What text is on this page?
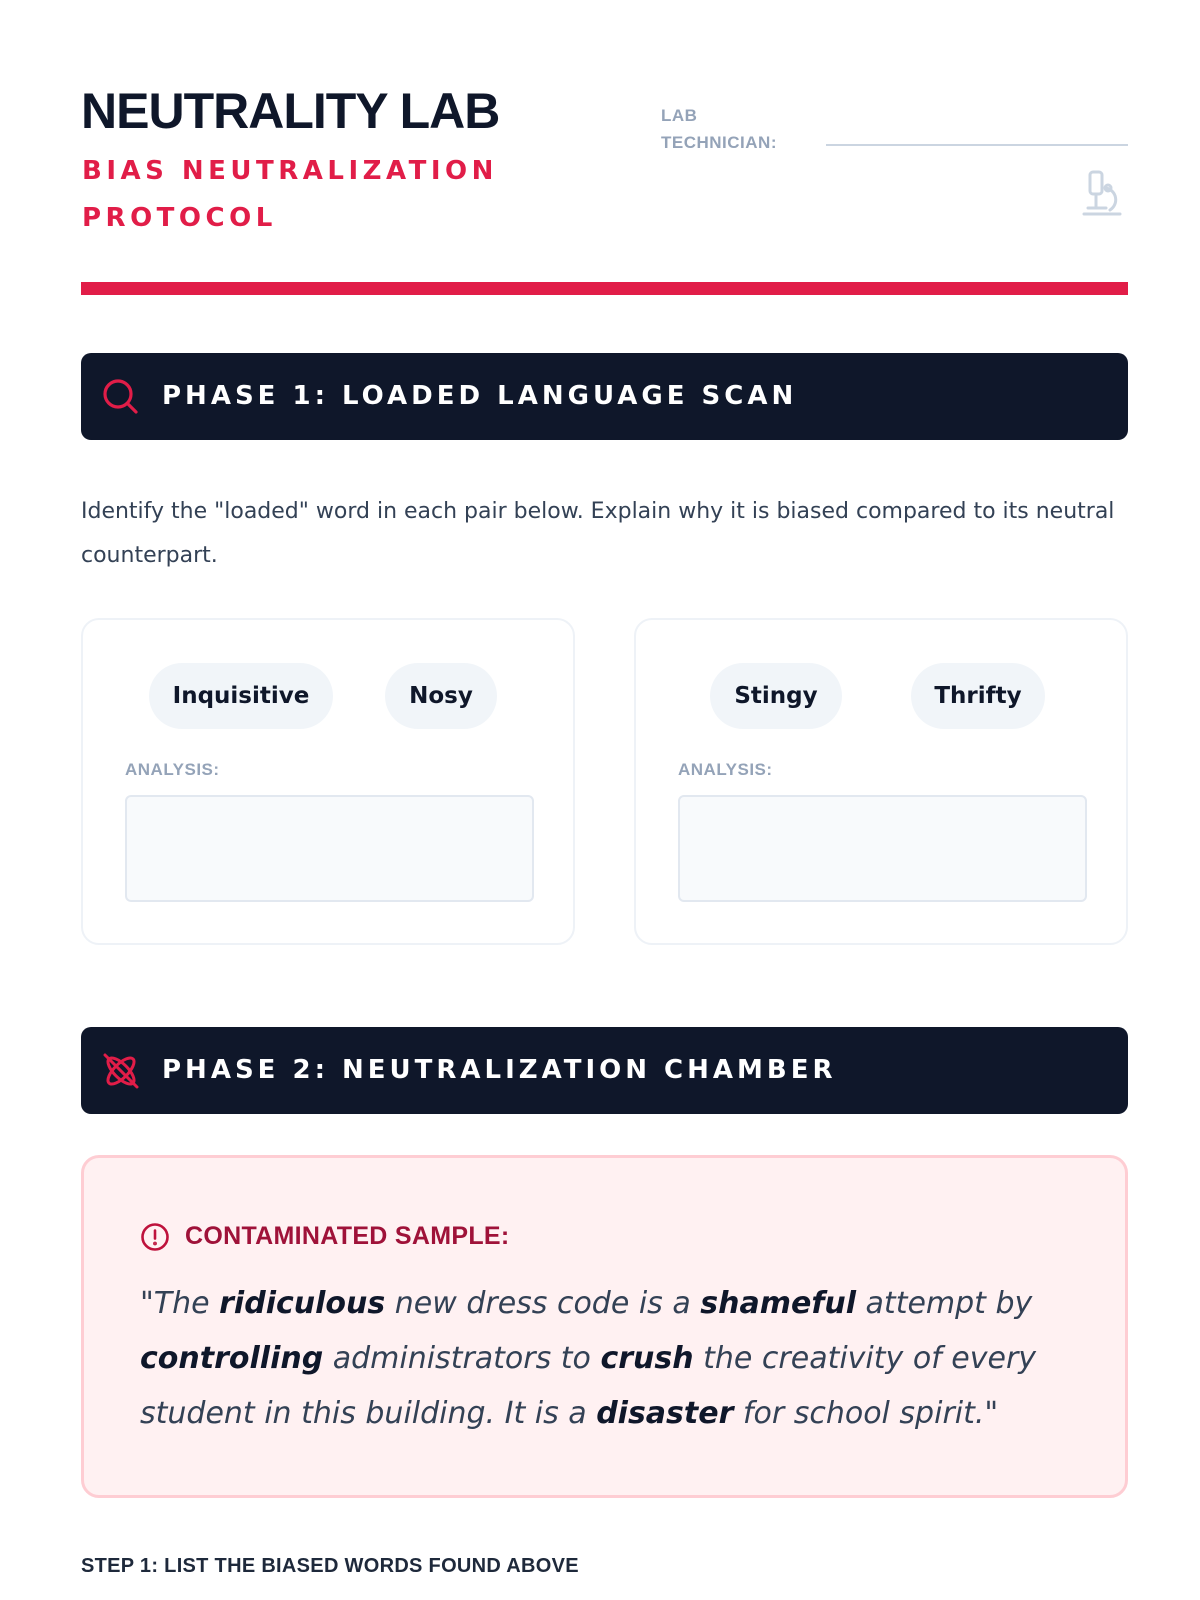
NEUTRALITY LAB
BIAS NEUTRALIZATION PROTOCOL
LAB TECHNICIAN:
PHASE 1: LOADED LANGUAGE SCAN
Identify the "loaded" word in each pair below. Explain why it is biased compared to its neutral counterpart.
Inquisitive	Nosy
ANALYSIS:
Stingy	Thrifty
ANALYSIS:
PHASE 2: NEUTRALIZATION CHAMBER
CONTAMINATED SAMPLE:
"The ridiculous new dress code is a shameful attempt by controlling administrators to crush the creativity of every student in this building. It is a disaster for school spirit."
STEP 1: LIST THE BIASED WORDS FOUND ABOVE
